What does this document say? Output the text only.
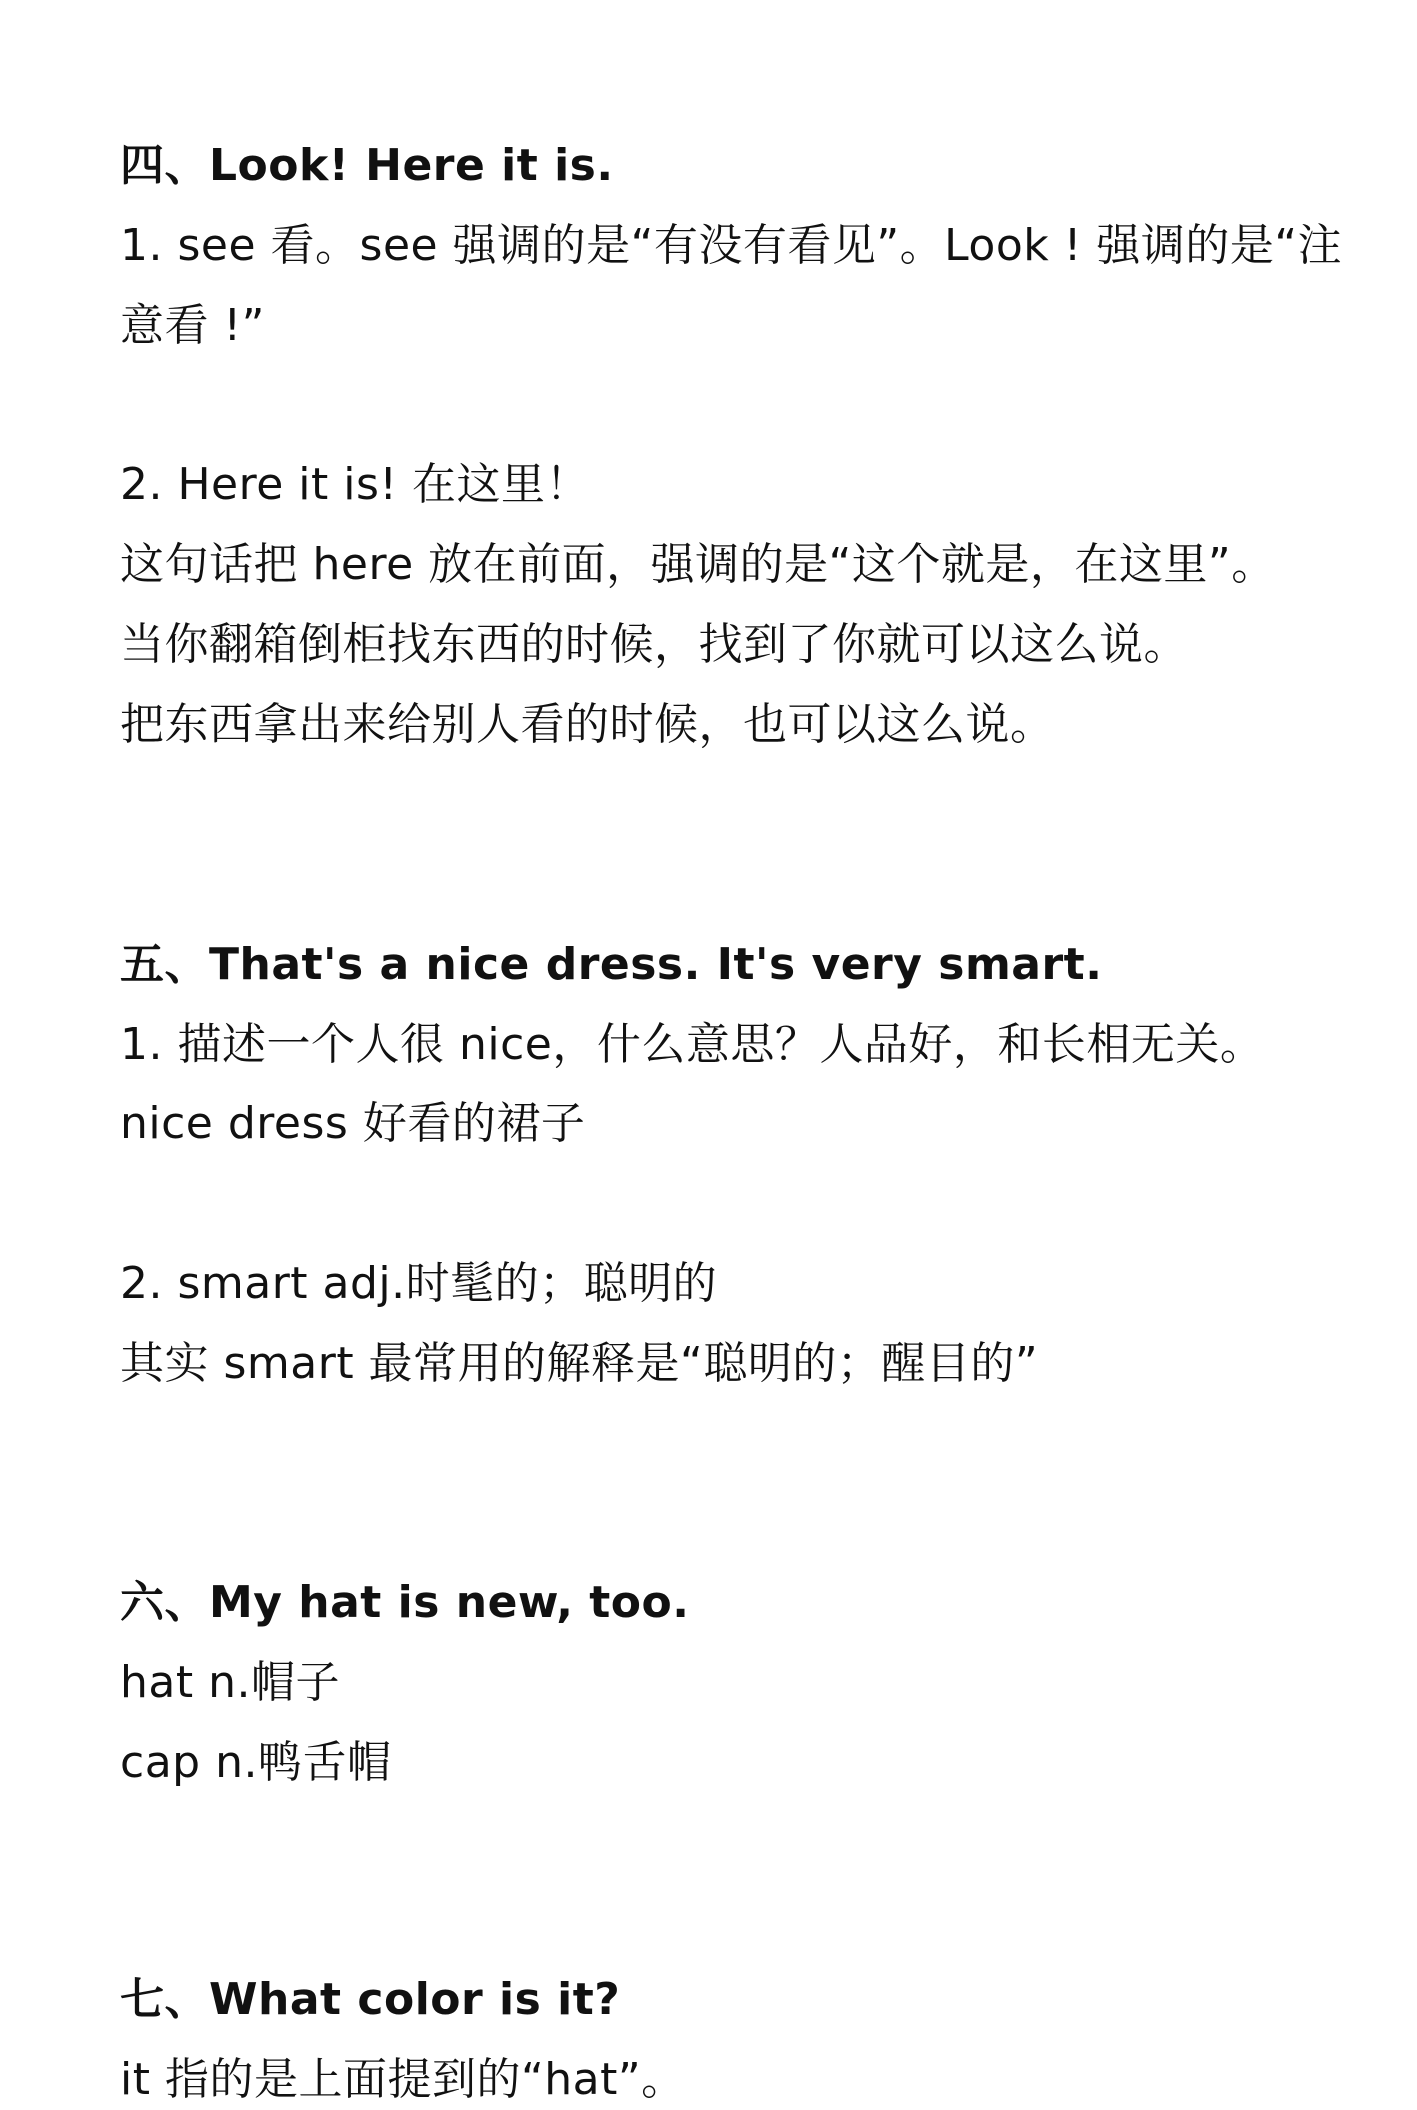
四、Look! Here it is.
1. see 看。see 强调的是“有没有看见”。Look ! 强调的是“注
意看 !”
2. Here it is! 在这里！
这句话把 here 放在前面，强调的是“这个就是，在这里”。
当你翻箱倒柜找东西的时候，找到了你就可以这么说。
把东西拿出来给别人看的时候，也可以这么说。
五、That's a nice dress. It's very smart.
1. 描述一个人很 nice，什么意思？人品好，和长相无关。
nice dress 好看的裙子
2. smart adj.时髦的；聪明的
其实 smart 最常用的解释是“聪明的；醒目的”
六、My hat is new, too.
hat n.帽子
cap n.鸭舌帽
七、What color is it?
it 指的是上面提到的“hat”。
